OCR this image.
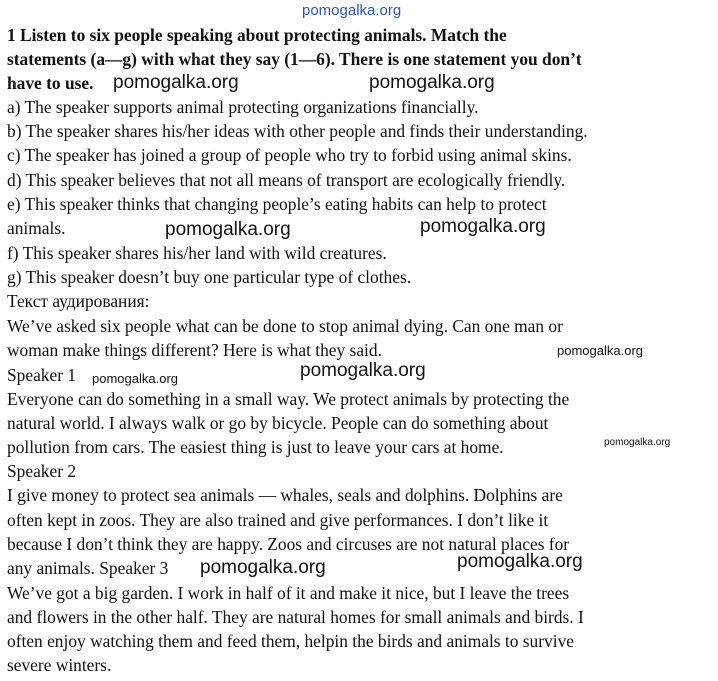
1 Listen to six people speaking about protecting animals. Match the
statements (a—g) with what they say (1—6). There is one statement you don’t
have to use.
a) The speaker supports animal protecting organizations financially.
b) The speaker shares his/her ideas with other people and finds their understanding.
c) The speaker has joined a group of people who try to forbid using animal skins.
d) This speaker believes that not all means of transport are ecologically friendly.
e) This speaker thinks that changing people’s eating habits can help to protect
animals.
f) This speaker shares his/her land with wild creatures.
g) This speaker doesn’t buy one particular type of clothes.
Текст аудирования:
We’ve asked six people what can be done to stop animal dying. Can one man or
woman make things different? Here is what they said.
Speaker 1
Everyone can do something in a small way. We protect animals by protecting the
natural world. I always walk or go by bicycle. People can do something about
pollution from cars. The easiest thing is just to leave your cars at home.
Speaker 2
I give money to protect sea animals — whales, seals and dolphins. Dolphins are
often kept in zoos. They are also trained and give performances. I don’t like it
because I don’t think they are happy. Zoos and circuses are not natural places for
any animals. Speaker 3
We’ve got a big garden. I work in half of it and make it nice, but I leave the trees
and flowers in the other half. They are natural homes for small animals and birds. I
often enjoy watching them and feed them, helpin the birds and animals to survive
severe winters.
pomogalka.org
pomogalka.org	pomogalka.org
pomogalka.org	pomogalka.org
pomogalka.org
pomogalka.org	pomogalka.org
pomogalka.org
pomogalka.org	pomogalka.org
